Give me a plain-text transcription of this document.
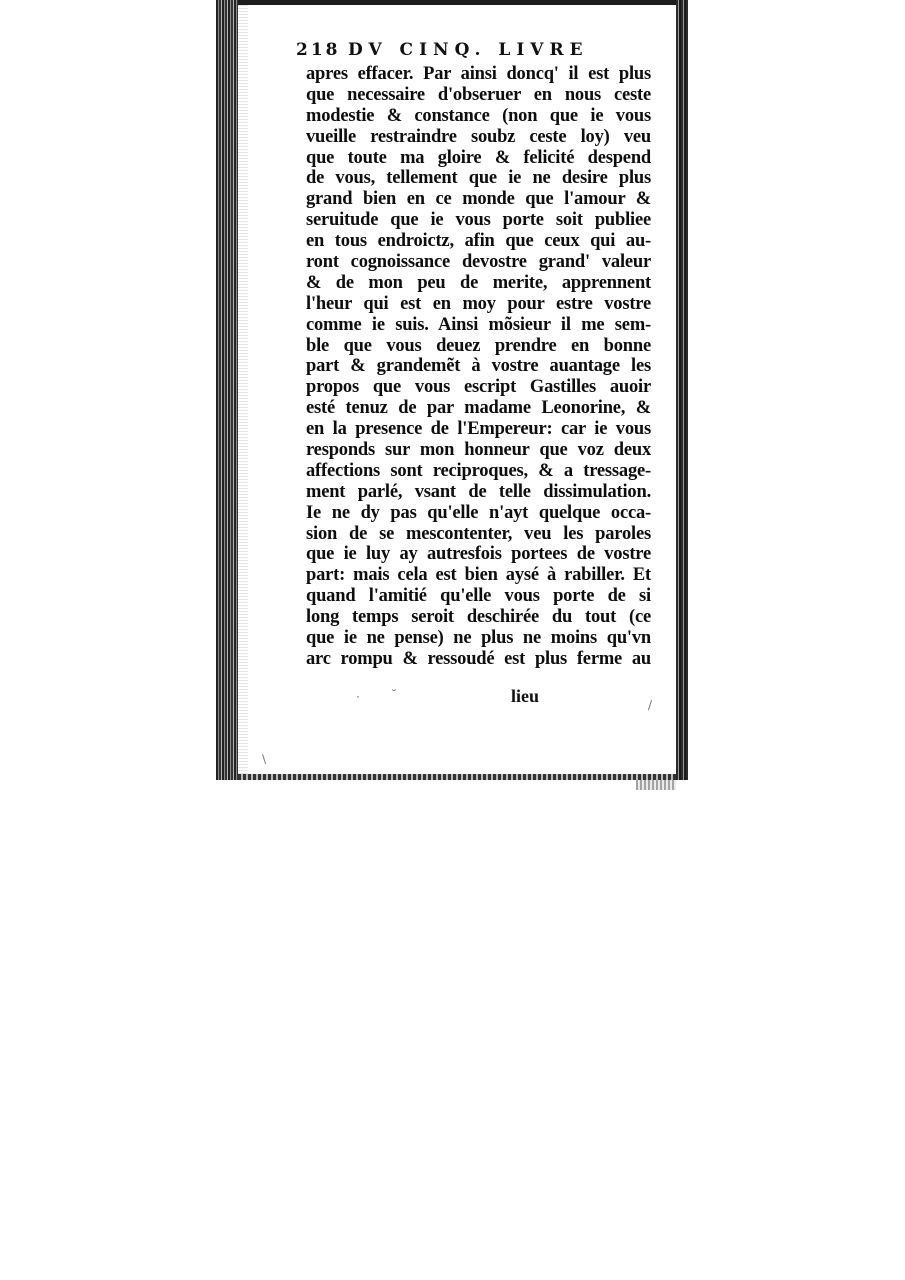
218 DV CINQ. LIVRE
apres effacer. Par ainsi doncq' il est plus
que necessaire d'obseruer en nous ceste
modestie & constance (non que ie vous
vueille restraindre soubz ceste loy) veu
que toute ma gloire & felicité despend
de vous, tellement que ie ne desire plus
grand bien en ce monde que l'amour &
seruitude que ie vous porte soit publiee
en tous endroictz, afin que ceux qui au-
ront cognoissance devostre grand' valeur
& de mon peu de merite, apprennent
l'heur qui est en moy pour estre vostre
comme ie suis. Ainsi mõsieur il me sem-
ble que vous deuez prendre en bonne
part & grandemẽt à vostre auantage les
propos que vous escript Gastilles auoir
esté tenuz de par madame Leonorine, &
en la presence de l'Empereur: car ie vous
responds sur mon honneur que voz deux
affections sont reciproques, & a tressage-
ment parlé, vsant de telle dissimulation.
Ie ne dy pas qu'elle n'ayt quelque occa-
sion de se mescontenter, veu les paroles
que ie luy ay autresfois portees de vostre
part: mais cela est bien aysé à rabiller. Et
quand l'amitié qu'elle vous porte de si
long temps seroit deschirée du tout (ce
que ie ne pense) ne plus ne moins qu'vn
arc rompu & ressoudé est plus ferme au
lieu
·	˘
/
\
